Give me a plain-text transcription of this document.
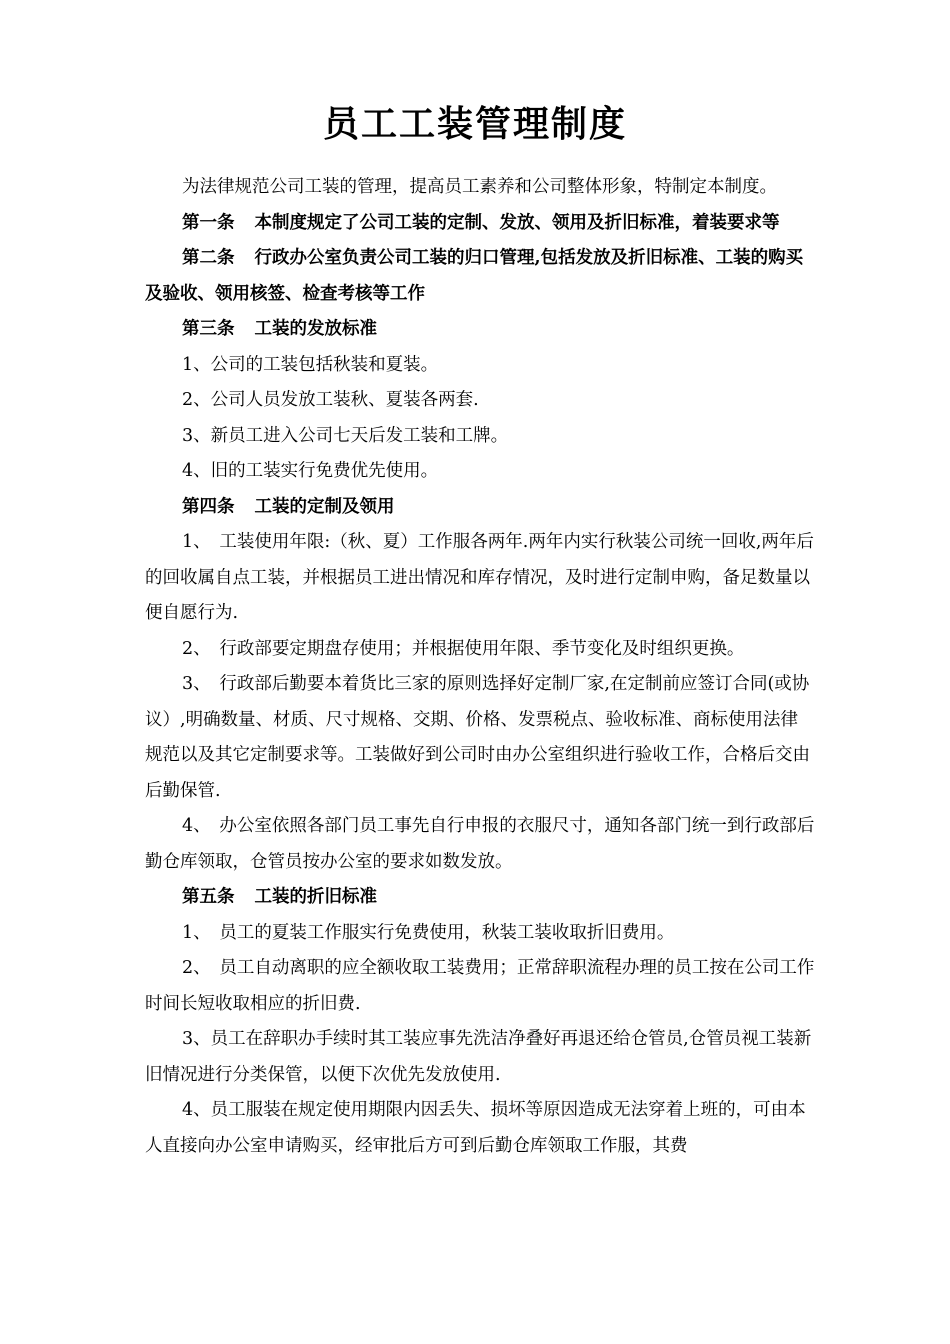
员工工装管理制度

为法律规范公司工装的管理，提高员工素养和公司整体形象，特制定本制度。

第一条 本制度规定了公司工装的定制、发放、领用及折旧标准，着装要求等

第二条 行政办公室负责公司工装的归口管理,包括发放及折旧标准、工装的购买及验收、领用核签、检查考核等工作

第三条 工装的发放标准

1、公司的工装包括秋装和夏装。

2、公司人员发放工装秋、夏装各两套.

3、新员工进入公司七天后发工装和工牌。

4、旧的工装实行免费优先使用。

第四条 工装的定制及领用

1、　工装使用年限:（秋、夏）工作服各两年.两年内实行秋装公司统一回收,两年后的回收属自点工装，并根据员工进出情况和库存情况，及时进行定制申购，备足数量以便自愿行为.

2、　行政部要定期盘存使用；并根据使用年限、季节变化及时组织更换。

3、　行政部后勤要本着货比三家的原则选择好定制厂家,在定制前应签订合同(或协议）,明确数量、材质、尺寸规格、交期、价格、发票税点、验收标准、商标使用法律规范以及其它定制要求等。工装做好到公司时由办公室组织进行验收工作，合格后交由后勤保管.

4、　办公室依照各部门员工事先自行申报的衣服尺寸，通知各部门统一到行政部后勤仓库领取，仓管员按办公室的要求如数发放。

第五条 工装的折旧标准

1、　员工的夏装工作服实行免费使用，秋装工装收取折旧费用。

2、　员工自动离职的应全额收取工装费用；正常辞职流程办理的员工按在公司工作时间长短收取相应的折旧费.

3、员工在辞职办手续时其工装应事先洗洁净叠好再退还给仓管员,仓管员视工装新旧情况进行分类保管，以便下次优先发放使用.

4、员工服装在规定使用期限内因丢失、损坏等原因造成无法穿着上班的，可由本人直接向办公室申请购买，经审批后方可到后勤仓库领取工作服，其费
